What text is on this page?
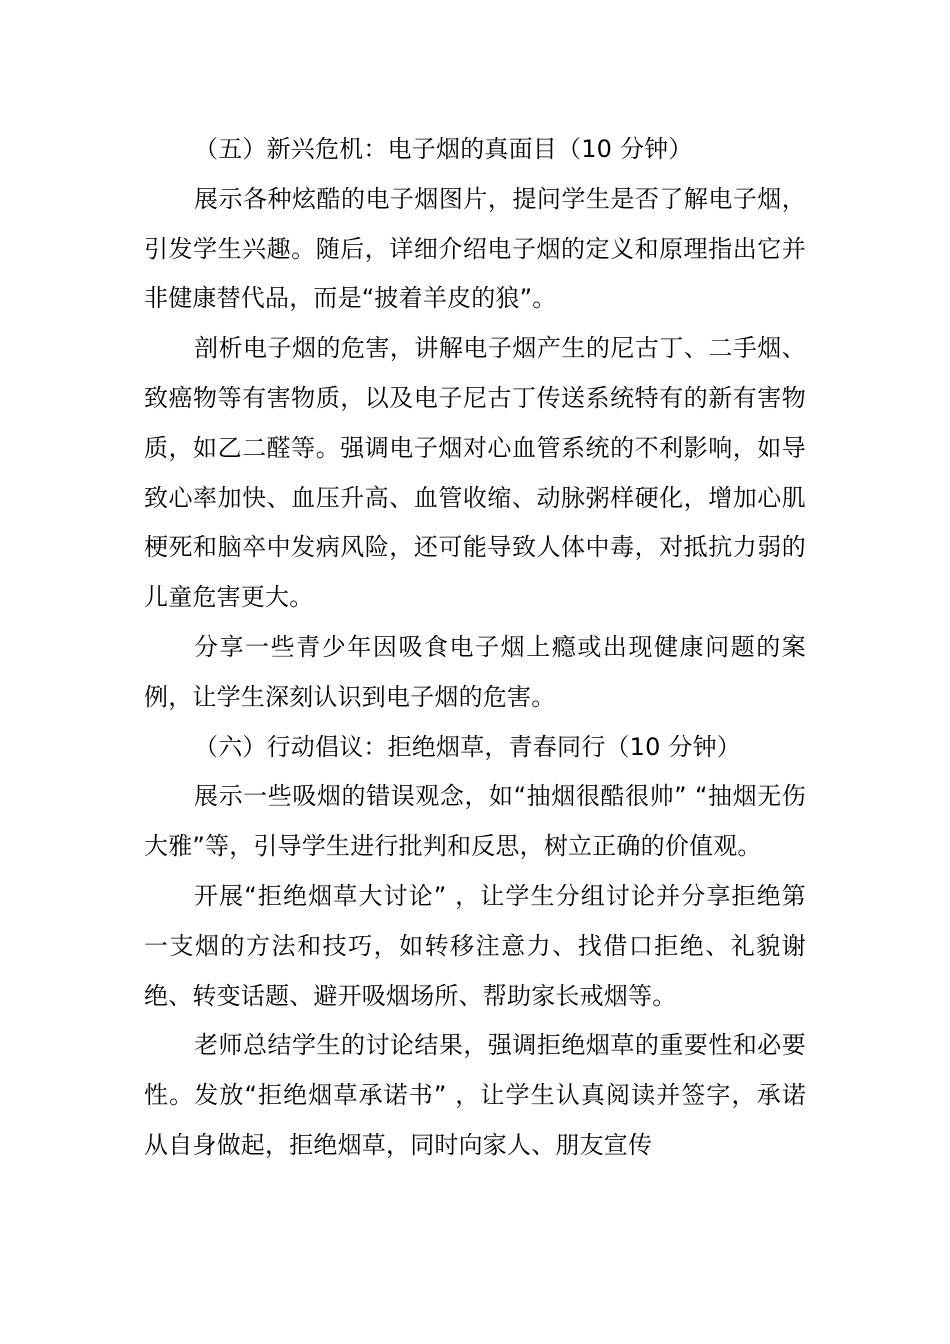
（五）新兴危机：电子烟的真面目（10 分钟）

展示各种炫酷的电子烟图片，提问学生是否了解电子烟，引发学生兴趣。随后，详细介绍电子烟的定义和原理指出它并非健康替代品，而是“披着羊皮的狼”。

剖析电子烟的危害，讲解电子烟产生的尼古丁、二手烟、致癌物等有害物质，以及电子尼古丁传送系统特有的新有害物质，如乙二醛等。强调电子烟对心血管系统的不利影响，如导致心率加快、血压升高、血管收缩、动脉粥样硬化，增加心肌梗死和脑卒中发病风险，还可能导致人体中毒，对抵抗力弱的儿童危害更大。

分享一些青少年因吸食电子烟上瘾或出现健康问题的案例，让学生深刻认识到电子烟的危害。

（六）行动倡议：拒绝烟草，青春同行（10 分钟）

展示一些吸烟的错误观念，如“抽烟很酷很帅” “抽烟无伤大雅”等，引导学生进行批判和反思，树立正确的价值观。

开展“拒绝烟草大讨论” ，让学生分组讨论并分享拒绝第一支烟的方法和技巧，如转移注意力、找借口拒绝、礼貌谢绝、转变话题、避开吸烟场所、帮助家长戒烟等。

老师总结学生的讨论结果，强调拒绝烟草的重要性和必要性。发放“拒绝烟草承诺书” ，让学生认真阅读并签字，承诺从自身做起，拒绝烟草，同时向家人、朋友宣传
